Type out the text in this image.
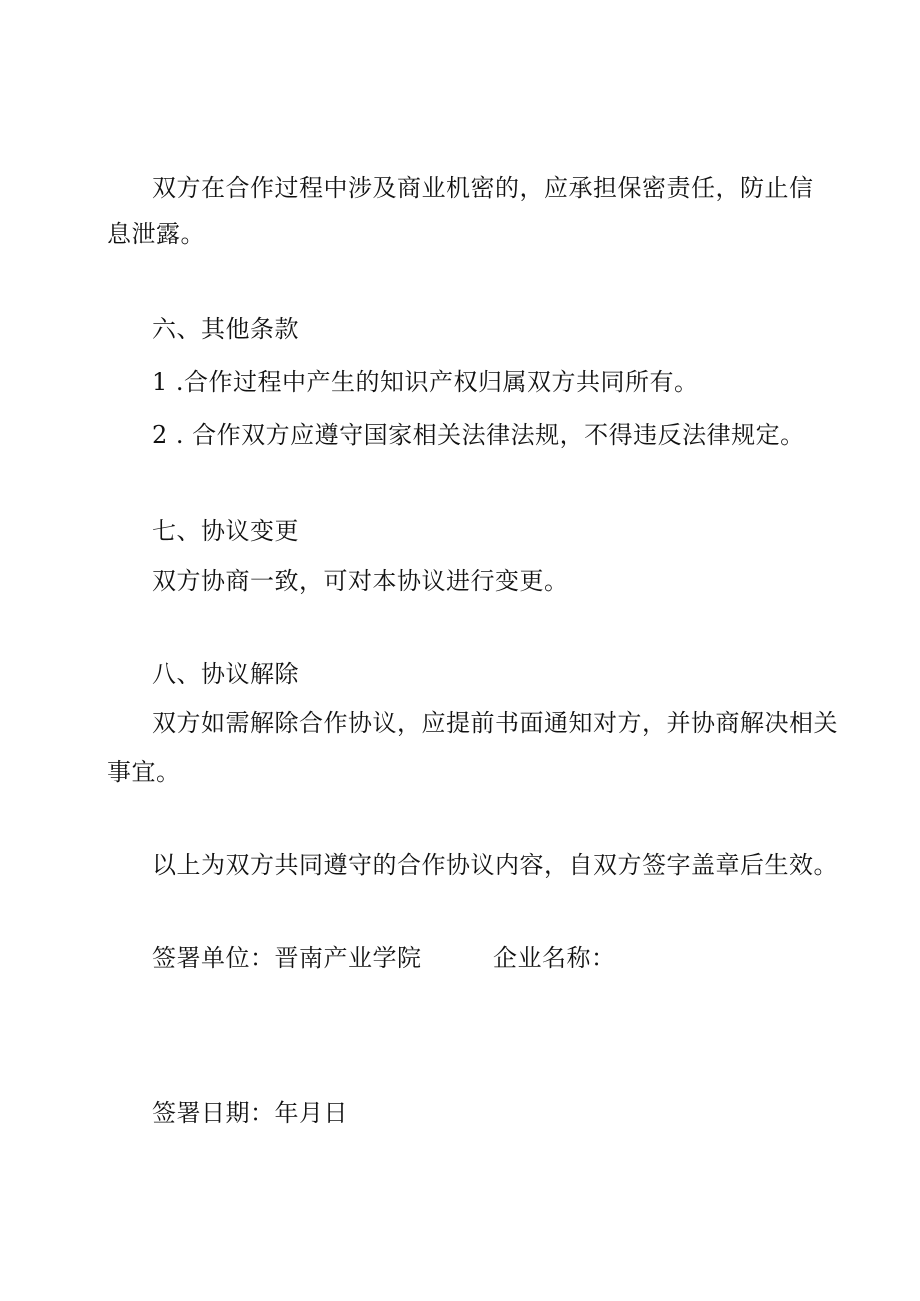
双方在合作过程中涉及商业机密的，应承担保密责任，防止信

息泄露。

六、其他条款

1 .合作过程中产生的知识产权归属双方共同所有。

2 . 合作双方应遵守国家相关法律法规，不得违反法律规定。

七、协议变更

双方协商一致，可对本协议进行变更。

八、协议解除

双方如需解除合作协议，应提前书面通知对方，并协商解决相关

事宜。

以上为双方共同遵守的合作协议内容，自双方签字盖章后生效。

签署单位：晋南产业学院	企业名称：

签署日期：年月日
